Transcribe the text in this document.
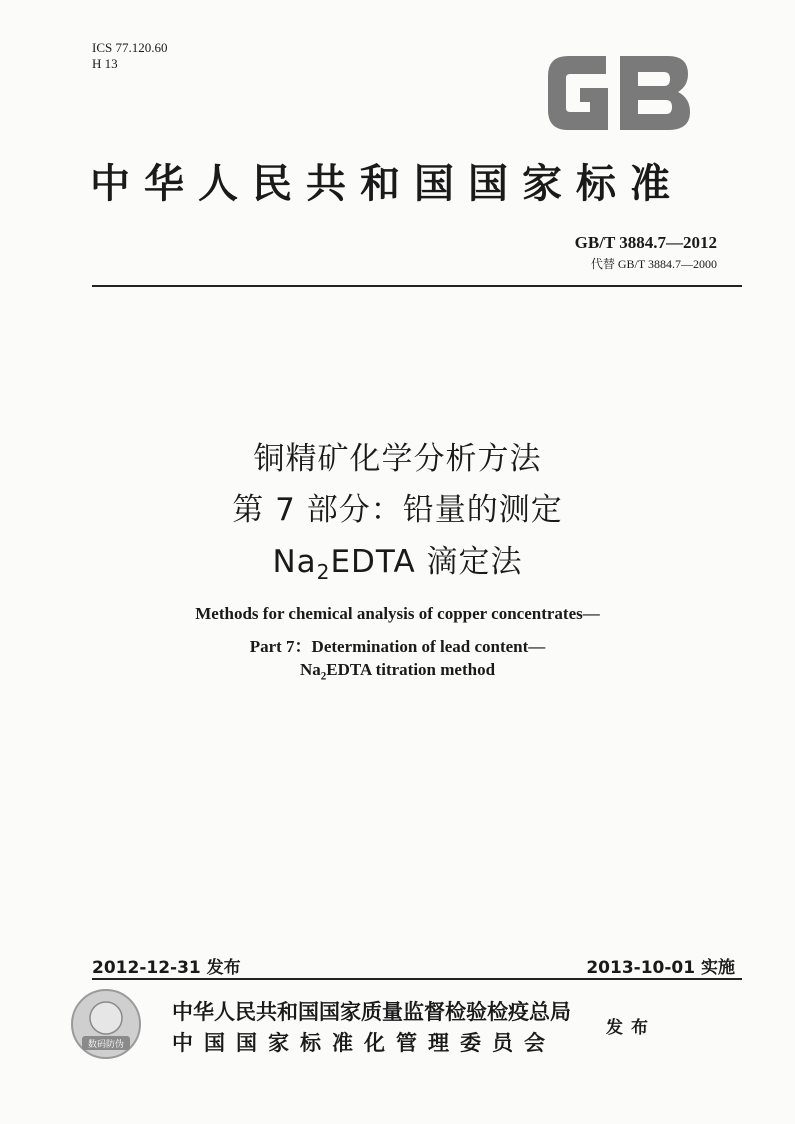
ICS 77.120.60
H 13
中华人民共和国国家标准
GB/T 3884.7—2012
代替 GB/T 3884.7—2000
铜精矿化学分析方法
第 7 部分：铅量的测定
$Na_2EDTA$ 滴定法
Methods for chemical analysis of copper concentrates—
Part 7：Determination of lead content—
$Na_2EDTA$ titration method
2012-12-31 发布	2013-10-01 实施
数码防伪
中华人民共和国国家质量监督检验检疫总局
中国国家标准化管理委员会
发布
